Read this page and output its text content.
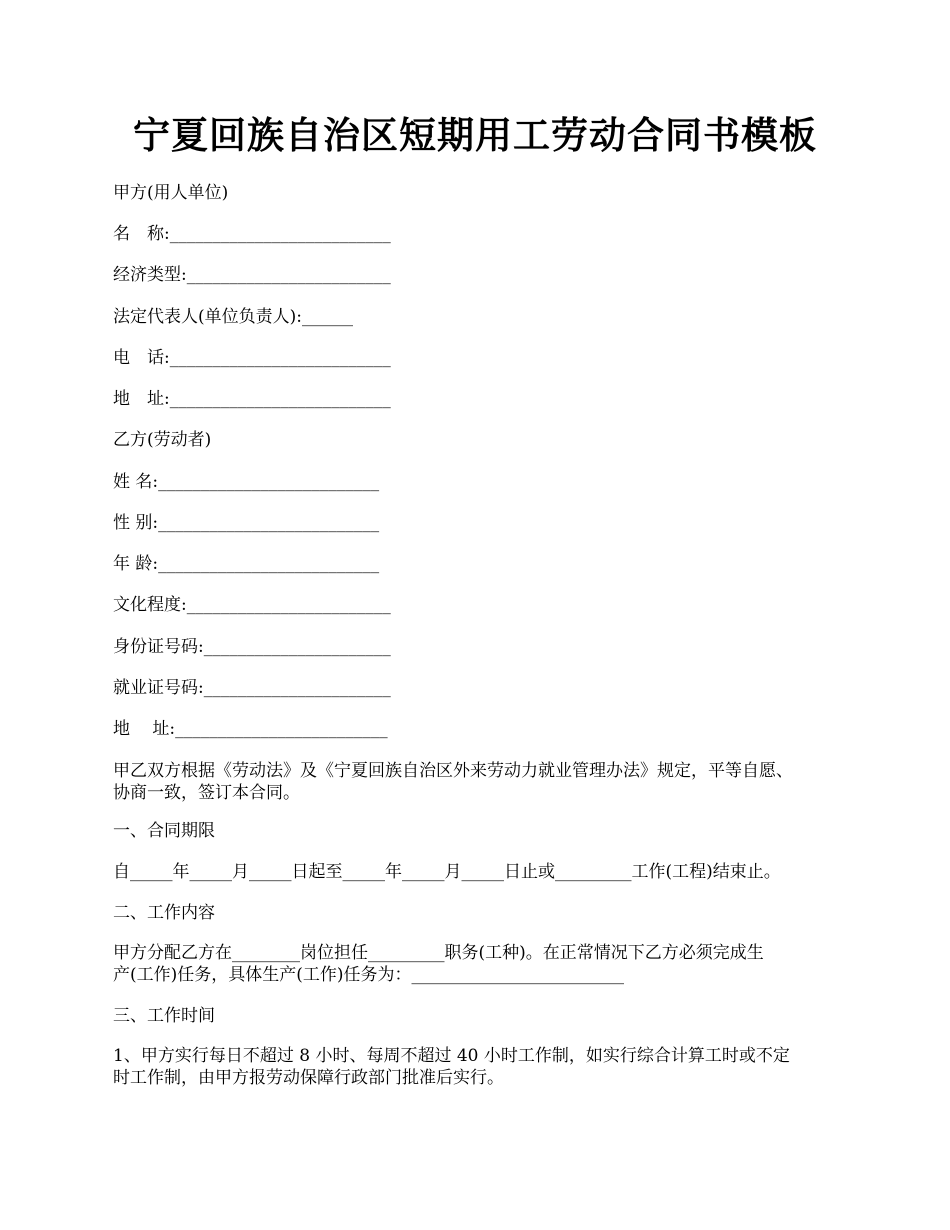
宁夏回族自治区短期用工劳动合同书模板
甲方(用人单位)
名　称:__________________________
经济类型:________________________
法定代表人(单位负责人):______
电　话:__________________________
地　址:__________________________
乙方(劳动者)
姓 名:__________________________
性 别:__________________________
年 龄:__________________________
文化程度:________________________
身份证号码:______________________
就业证号码:______________________
地　 址:_________________________
甲乙双方根据《劳动法》及《宁夏回族自治区外来劳动力就业管理办法》规定，平等自愿、
协商一致，签订本合同。
一、合同期限
自_____年_____月_____日起至_____年_____月_____日止或_________工作(工程)结束止。
二、工作内容
甲方分配乙方在________岗位担任_________职务(工种)。在正常情况下乙方必须完成生
产(工作)任务，具体生产(工作)任务为：_________________________
三、工作时间
1、甲方实行每日不超过 8 小时、每周不超过 40 小时工作制，如实行综合计算工时或不定
时工作制，由甲方报劳动保障行政部门批准后实行。
